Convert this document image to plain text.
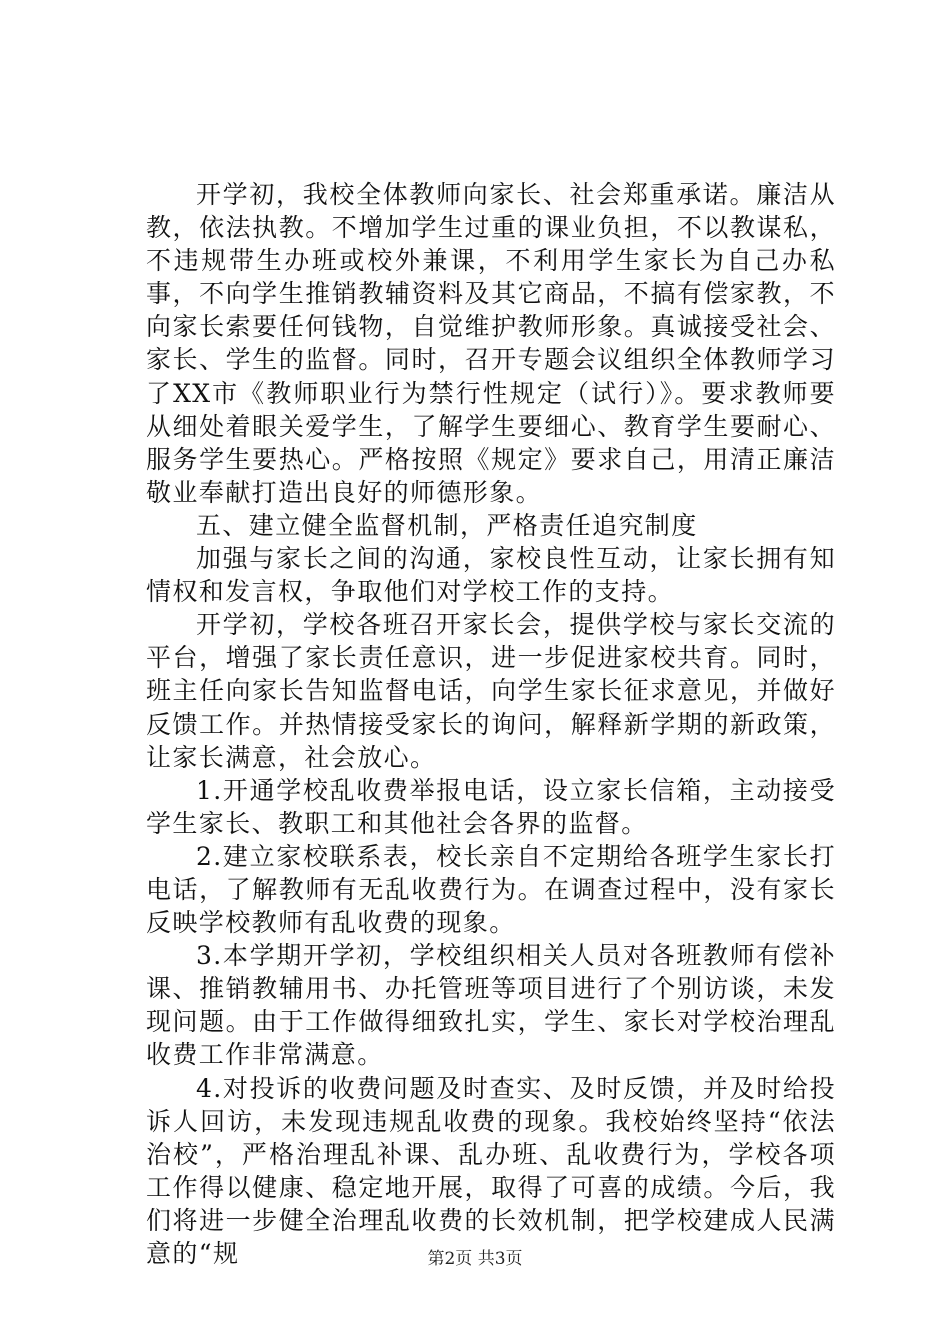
开学初，我校全体教师向家长、社会郑重承诺。廉洁从教，依法执教。不增加学生过重的课业负担，不以教谋私，不违规带生办班或校外兼课，不利用学生家长为自己办私事，不向学生推销教辅资料及其它商品，不搞有偿家教，不向家长索要任何钱物，自觉维护教师形象。真诚接受社会、家长、学生的监督。同时，召开专题会议组织全体教师学习了XX市《教师职业行为禁行性规定（试行）》。要求教师要从细处着眼关爱学生，了解学生要细心、教育学生要耐心、服务学生要热心。严格按照《规定》要求自己，用清正廉洁敬业奉献打造出良好的师德形象。

五、建立健全监督机制，严格责任追究制度

加强与家长之间的沟通，家校良性互动，让家长拥有知情权和发言权，争取他们对学校工作的支持。

开学初，学校各班召开家长会，提供学校与家长交流的平台，增强了家长责任意识，进一步促进家校共育。同时，班主任向家长告知监督电话，向学生家长征求意见，并做好反馈工作。并热情接受家长的询问，解释新学期的新政策，让家长满意，社会放心。

1.开通学校乱收费举报电话，设立家长信箱，主动接受学生家长、教职工和其他社会各界的监督。

2.建立家校联系表，校长亲自不定期给各班学生家长打电话，了解教师有无乱收费行为。在调查过程中，没有家长反映学校教师有乱收费的现象。

3.本学期开学初，学校组织相关人员对各班教师有偿补课、推销教辅用书、办托管班等项目进行了个别访谈，未发现问题。由于工作做得细致扎实，学生、家长对学校治理乱收费工作非常满意。

4.对投诉的收费问题及时查实、及时反馈，并及时给投诉人回访，未发现违规乱收费的现象。我校始终坚持“依法治校”，严格治理乱补课、乱办班、乱收费行为，学校各项工作得以健康、稳定地开展，取得了可喜的成绩。今后，我们将进一步健全治理乱收费的长效机制，把学校建成人民满意的“规	第2页 共3页
